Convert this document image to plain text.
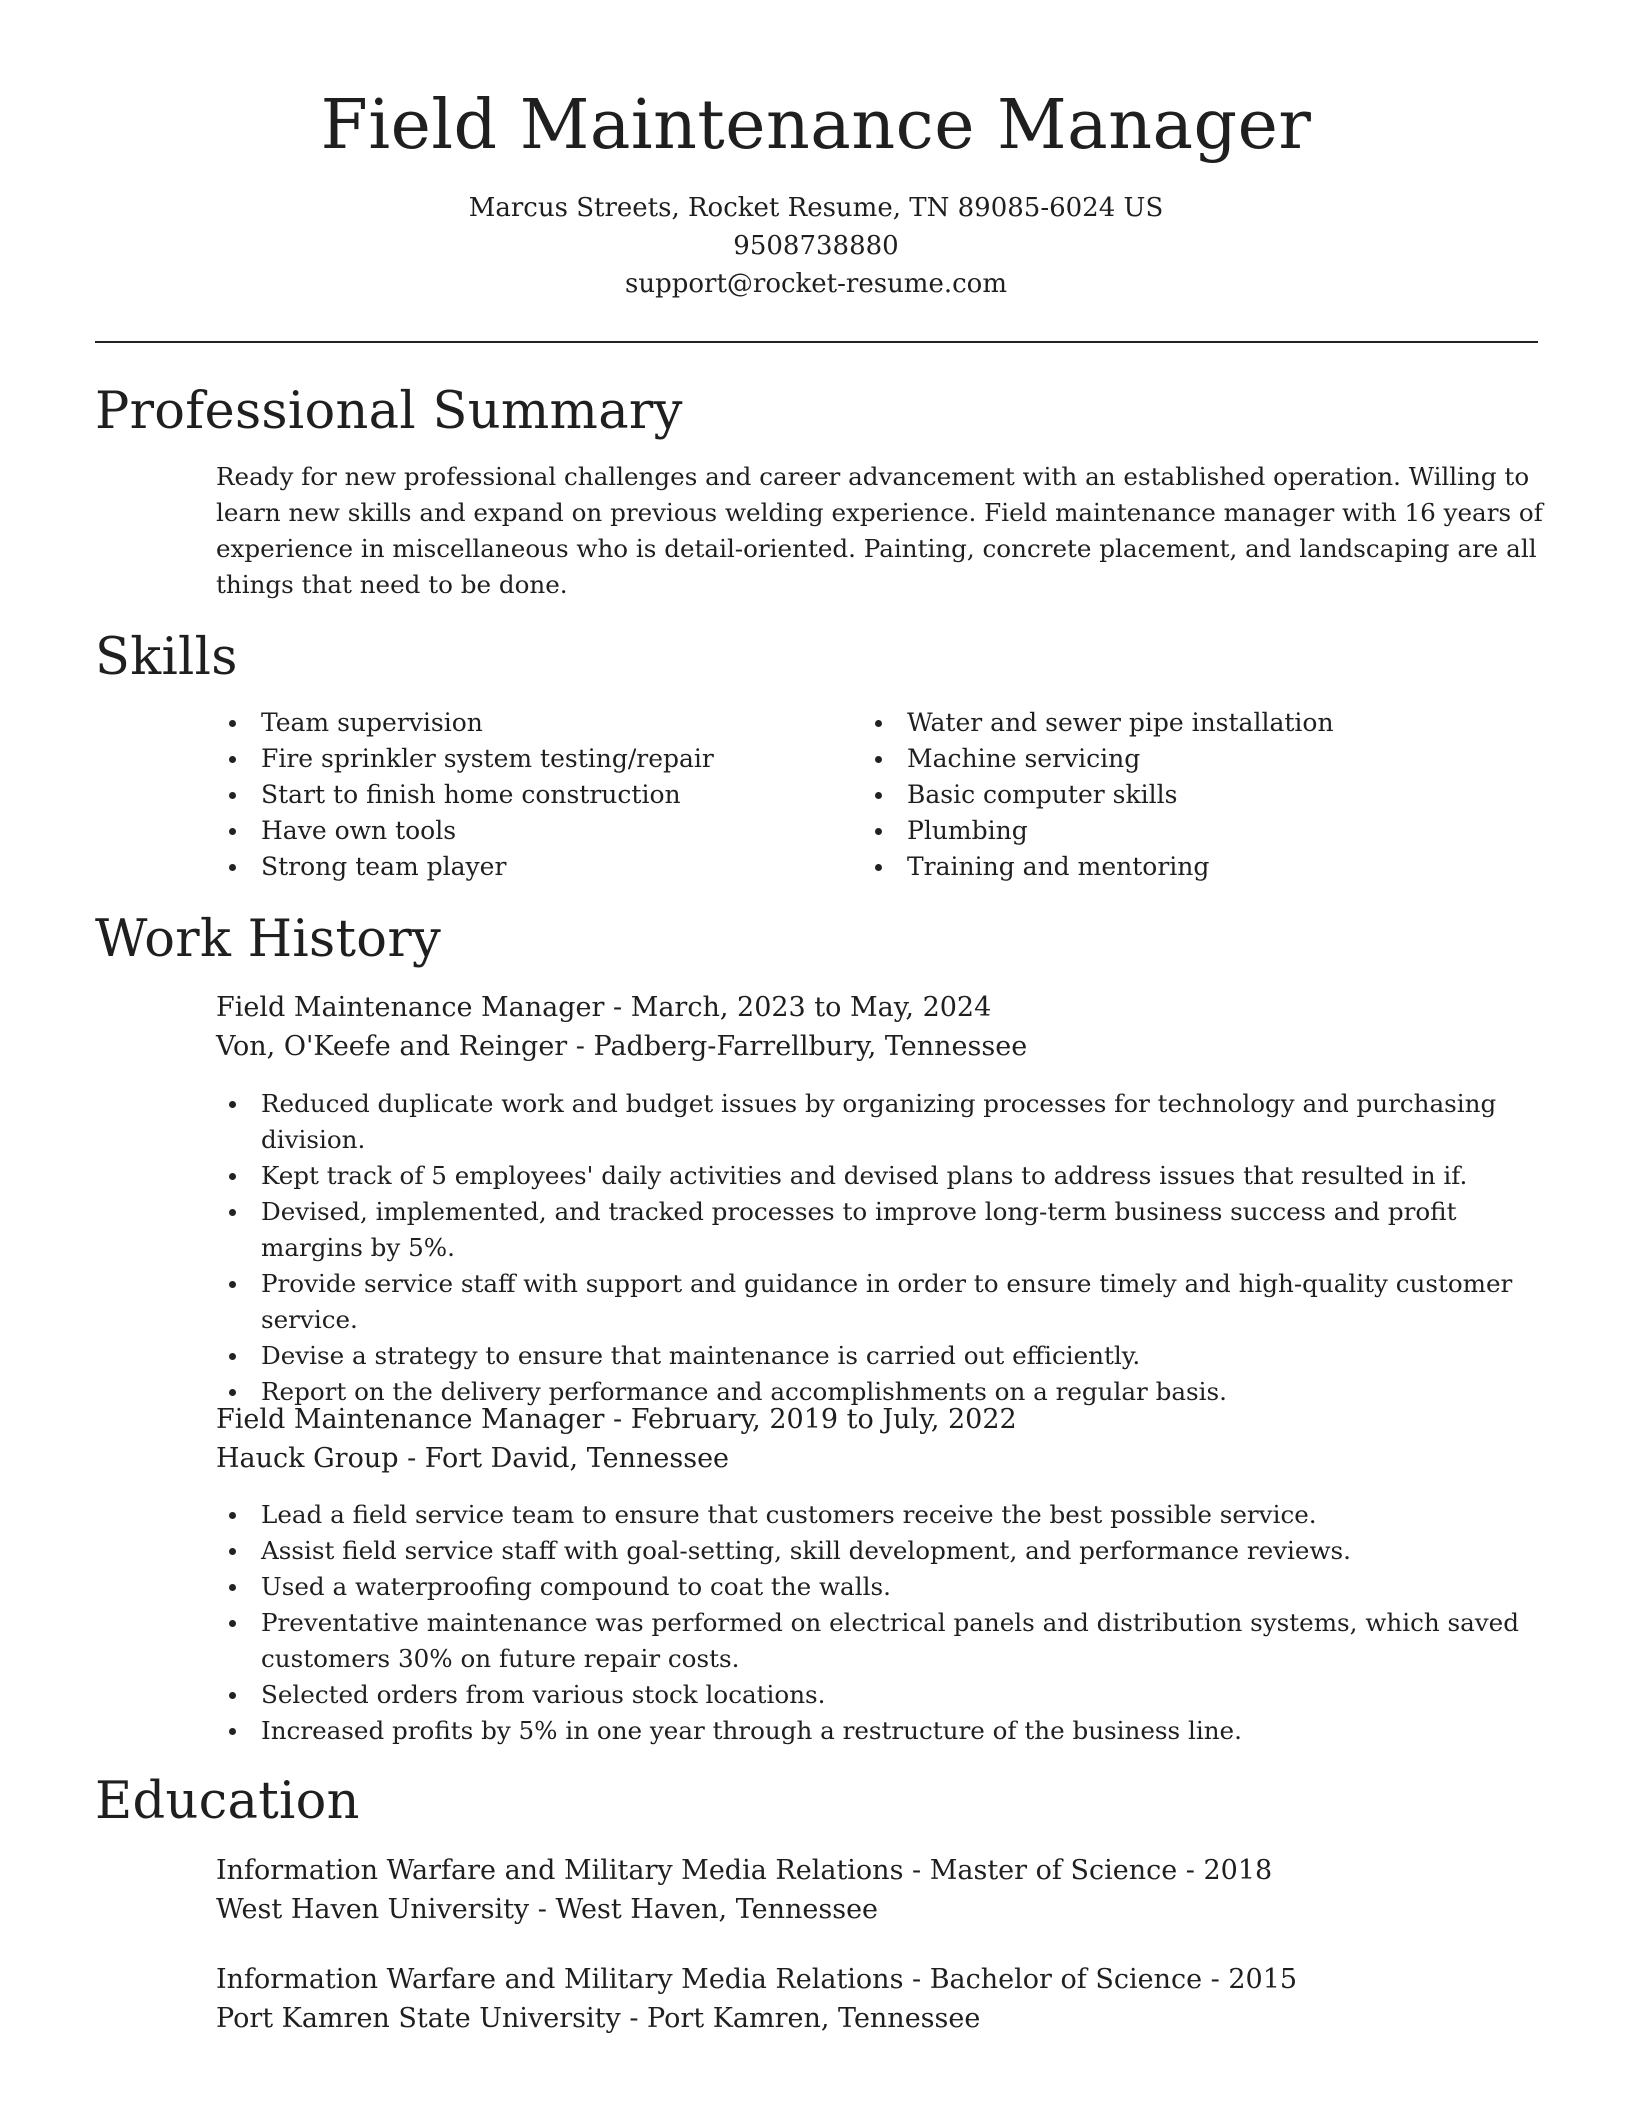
Field Maintenance Manager
Marcus Streets, Rocket Resume, TN 89085-6024 US
9508738880
support@rocket-resume.com
Professional Summary

Ready for new professional challenges and career advancement with an established operation. Willing to learn new skills and expand on previous welding experience. Field maintenance manager with 16 years of experience in miscellaneous who is detail-oriented. Painting, concrete placement, and landscaping are all things that need to be done.

Skills
Team supervision
Fire sprinkler system testing/repair
Start to finish home construction
Have own tools
Strong team player
Water and sewer pipe installation
Machine servicing
Basic computer skills
Plumbing
Training and mentoring
Work History
Field Maintenance Manager - March, 2023 to May, 2024
Von, O'Keefe and Reinger - Padberg-Farrellbury, Tennessee
Reduced duplicate work and budget issues by organizing processes for technology and purchasing division.
Kept track of 5 employees' daily activities and devised plans to address issues that resulted in if.
Devised, implemented, and tracked processes to improve long-term business success and profit margins by 5%.
Provide service staff with support and guidance in order to ensure timely and high-quality customer service.
Devise a strategy to ensure that maintenance is carried out efficiently.
Report on the delivery performance and accomplishments on a regular basis.
Field Maintenance Manager - February, 2019 to July, 2022
Hauck Group - Fort David, Tennessee
Lead a field service team to ensure that customers receive the best possible service.
Assist field service staff with goal-setting, skill development, and performance reviews.
Used a waterproofing compound to coat the walls.
Preventative maintenance was performed on electrical panels and distribution systems, which saved customers 30% on future repair costs.
Selected orders from various stock locations.
Increased profits by 5% in one year through a restructure of the business line.
Education
Information Warfare and Military Media Relations - Master of Science - 2018
West Haven University - West Haven, Tennessee
Information Warfare and Military Media Relations - Bachelor of Science - 2015
Port Kamren State University - Port Kamren, Tennessee
